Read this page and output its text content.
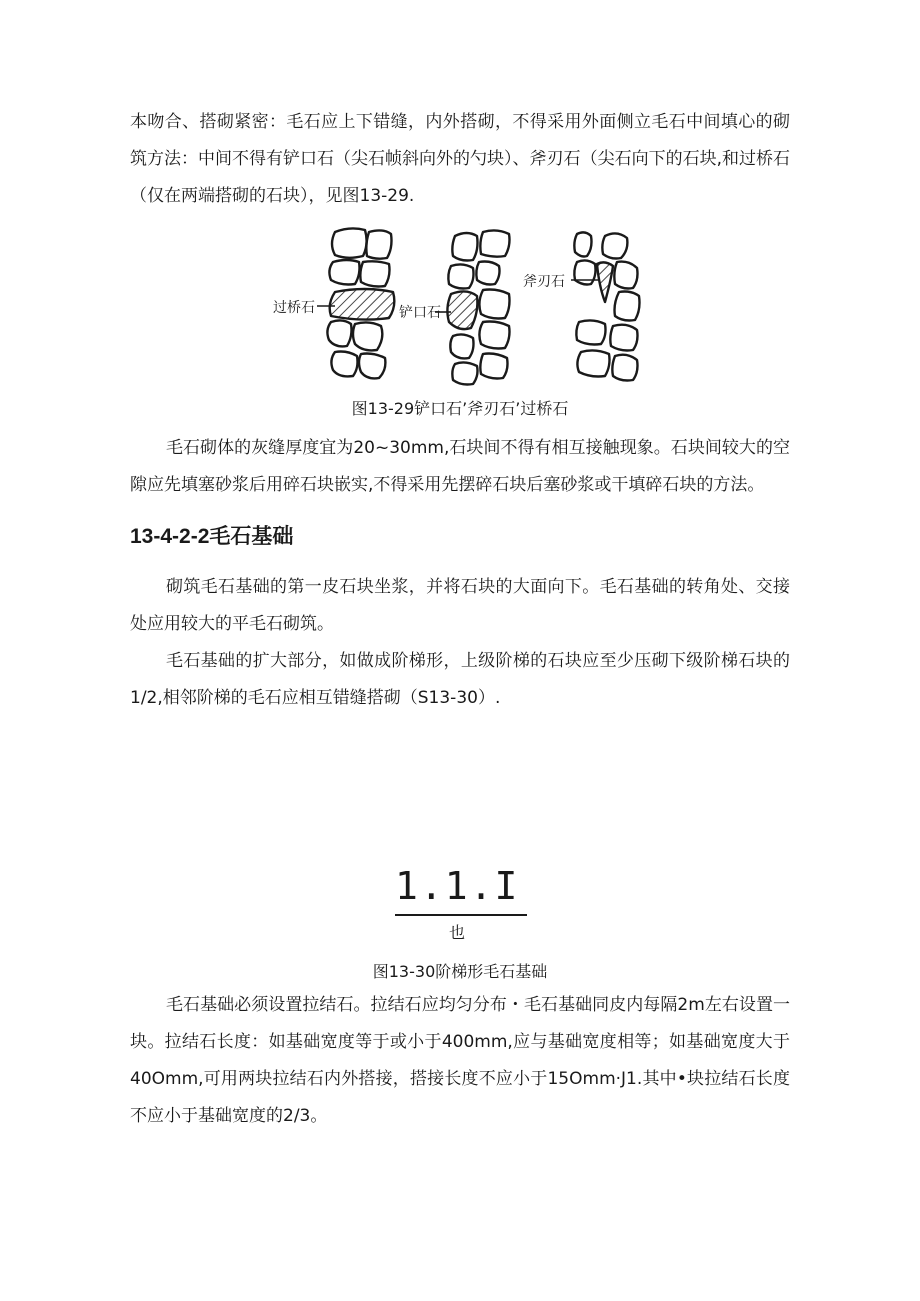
本吻合、搭砌紧密：毛石应上下错缝，内外搭砌，不得采用外面侧立毛石中间填心的砌筑方法：中间不得有铲口石（尖石帧斜向外的勺块）、斧刃石（尖石向下的石块,和过桥石（仅在两端搭砌的石块），见图13-29.

过桥石	铲口石
斧刃石

图13-29铲口石’斧刃石’过桥石

毛石砌体的灰缝厚度宜为20~30mm,石块间不得有相互接触现象。石块间较大的空隙应先填塞砂浆后用碎石块嵌实,不得采用先摆碎石块后塞砂浆或干填碎石块的方法。

13-4-2-2毛石基础

砌筑毛石基础的第一皮石块坐浆，并将石块的大面向下。毛石基础的转角处、交接处应用较大的平毛石砌筑。

毛石基础的扩大部分，如做成阶梯形，上级阶梯的石块应至少压砌下级阶梯石块的1/2,相邻阶梯的毛石应相互错缝搭砌（S13-30）.

1.1.I
也

图13-30阶梯形毛石基础

毛石基础必须设置拉结石。拉结石应均匀分布・毛石基础同皮内每隔2m左右设置一块。拉结石长度：如基础宽度等于或小于400mm,应与基础宽度相等；如基础宽度大于40Omm,可用两块拉结石内外搭接，搭接长度不应小于15Omm·J1.其中•块拉结石长度不应小于基础宽度的2/3。
